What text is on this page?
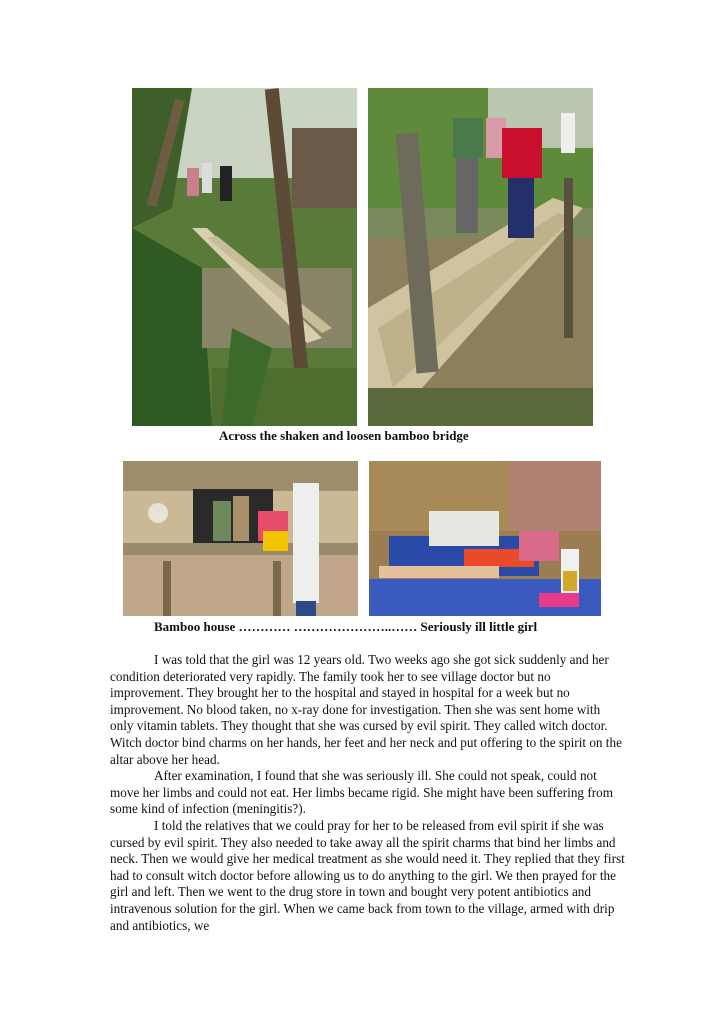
Across the shaken and loosen bamboo bridge
Bamboo house ………… …………………..…… Seriously ill little girl

I was told that the girl was 12 years old. Two weeks ago she got sick suddenly and her condition deteriorated very rapidly. The family took her to see village doctor but no improvement. They brought her to the hospital and stayed in hospital for a week but no improvement. No blood taken, no x-ray done for investigation. Then she was sent home with only vitamin tablets. They thought that she was cursed by evil spirit. They called witch doctor. Witch doctor bind charms on her hands, her feet and her neck and put offering to the spirit on the altar above her head.

After examination, I found that she was seriously ill. She could not speak, could not move her limbs and could not eat. Her limbs became rigid. She might have been suffering from some kind of infection (meningitis?).

I told the relatives that we could pray for her to be released from evil spirit if she was cursed by evil spirit. They also needed to take away all the spirit charms that bind her limbs and neck. Then we would give her medical treatment as she would need it. They replied that they first had to consult witch doctor before allowing us to do anything to the girl. We then prayed for the girl and left. Then we went to the drug store in town and bought very potent antibiotics and intravenous solution for the girl. When we came back from town to the village, armed with drip and antibiotics, we
